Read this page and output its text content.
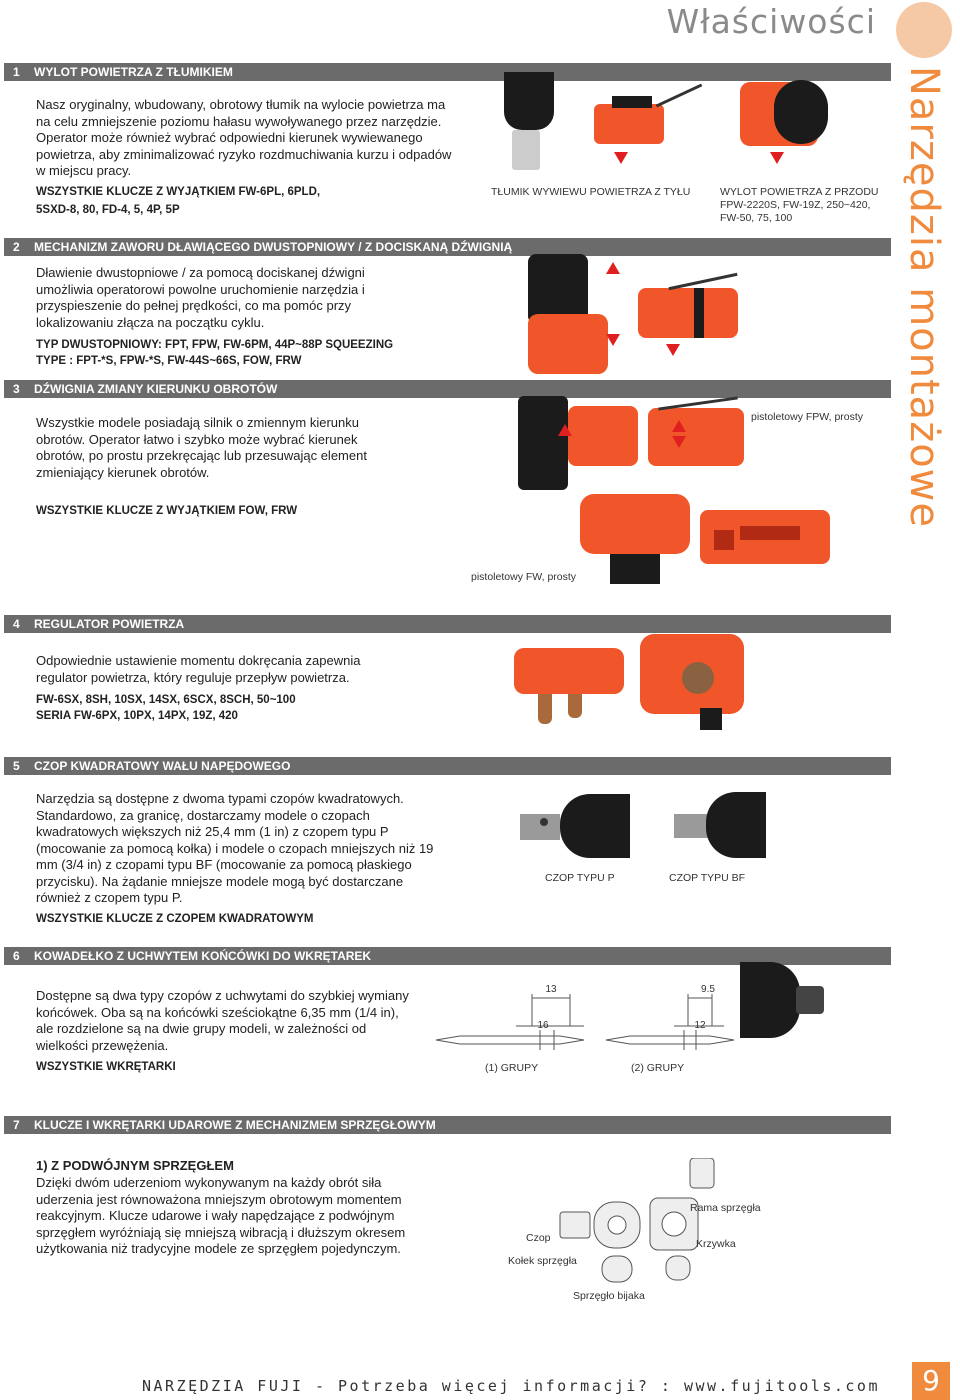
Właściwości
Narzędzia montażowe
1 WYLOT POWIETRZA Z TŁUMIKIEM
Nasz oryginalny, wbudowany, obrotowy tłumik na wylocie powietrza ma na celu zmniejszenie poziomu hałasu wywoływanego przez narzędzie. Operator może również wybrać odpowiedni kierunek wywiewanego powietrza, aby zminimalizować ryzyko rozdmuchiwania kurzu i odpadów w miejscu pracy.
WSZYSTKIE KLUCZE Z WYJĄTKIEM FW-6PL, 6PLD,
5SXD-8, 80, FD-4, 5, 4P, 5P
TŁUMIK WYWIEWU POWIETRZA Z TYŁU	WYLOT POWIETRZA Z PRZODU
FPW-2220S, FW-19Z, 250~420,
FW-50, 75, 100
2 MECHANIZM ZAWORU DŁAWIĄCEGO DWUSTOPNIOWY / Z DOCISKANĄ DŹWIGNIĄ
Dławienie dwustopniowe / za pomocą dociskanej dźwigni umożliwia operatorowi powolne uruchomienie narzędzia i przyspieszenie do pełnej prędkości, co ma pomóc przy lokalizowaniu złącza na początku cyklu.
TYP DWUSTOPNIOWY: FPT, FPW, FW-6PM, 44P~88P SQUEEZING
TYPE : FPT-*S, FPW-*S, FW-44S~66S, FOW, FRW
3 DŹWIGNIA ZMIANY KIERUNKU OBROTÓW
Wszystkie modele posiadają silnik o zmiennym kierunku obrotów. Operator łatwo i szybko może wybrać kierunek obrotów, po prostu przekręcając lub przesuwając element zmieniający kierunek obrotów.
WSZYSTKIE KLUCZE Z WYJĄTKIEM FOW, FRW
pistoletowy FPW, prosty
pistoletowy FW, prosty
4 REGULATOR POWIETRZA
Odpowiednie ustawienie momentu dokręcania zapewnia regulator powietrza, który reguluje przepływ powietrza.
FW-6SX, 8SH, 10SX, 14SX, 6SCX, 8SCH, 50~100
SERIA FW-6PX, 10PX, 14PX, 19Z, 420
5 CZOP KWADRATOWY WAŁU NAPĘDOWEGO
Narzędzia są dostępne z dwoma typami czopów kwadratowych. Standardowo, za granicę, dostarczamy modele o czopach kwadratowych większych niż 25,4 mm (1 in) z czopem typu P (mocowanie za pomocą kołka) i modele o czopach mniejszych niż 19 mm (3/4 in) z czopami typu BF (mocowanie za pomocą płaskiego przycisku). Na żądanie mniejsze modele mogą być dostarczane również z czopem typu P.
WSZYSTKIE KLUCZE Z CZOPEM KWADRATOWYM
CZOP TYPU P	CZOP TYPU BF
6 KOWADEŁKO Z UCHWYTEM KOŃCÓWKI DO WKRĘTAREK
Dostępne są dwa typy czopów z uchwytami do szybkiej wymiany końcówek. Oba są na końcówki sześciokątne 6,35 mm (1/4 in), ale rozdzielone są na dwie grupy modeli, w zależności od wielkości przewężenia.
WSZYSTKIE WKRĘTARKI
13
16
9.5
12
(1) GRUPY	(2) GRUPY
7 KLUCZE I WKRĘTARKI UDAROWE Z MECHANIZMEM SPRZĘGŁOWYM
1) Z PODWÓJNYM SPRZĘGŁEM
Dzięki dwóm uderzeniom wykonywanym na każdy obrót siła uderzenia jest równoważona mniejszym obrotowym momentem reakcyjnym. Klucze udarowe i wały napędzające z podwójnym sprzęgłem wyróżniają się mniejszą wibracją i dłuższym okresem użytkowania niż tradycyjne modele ze sprzęgłem pojedynczym.
Rama sprzęgła
Czop	Krzywka
Kołek sprzęgła
Sprzęgło bijaka
NARZĘDZIA FUJI - Potrzeba więcej informacji? : www.fujitools.com	9
